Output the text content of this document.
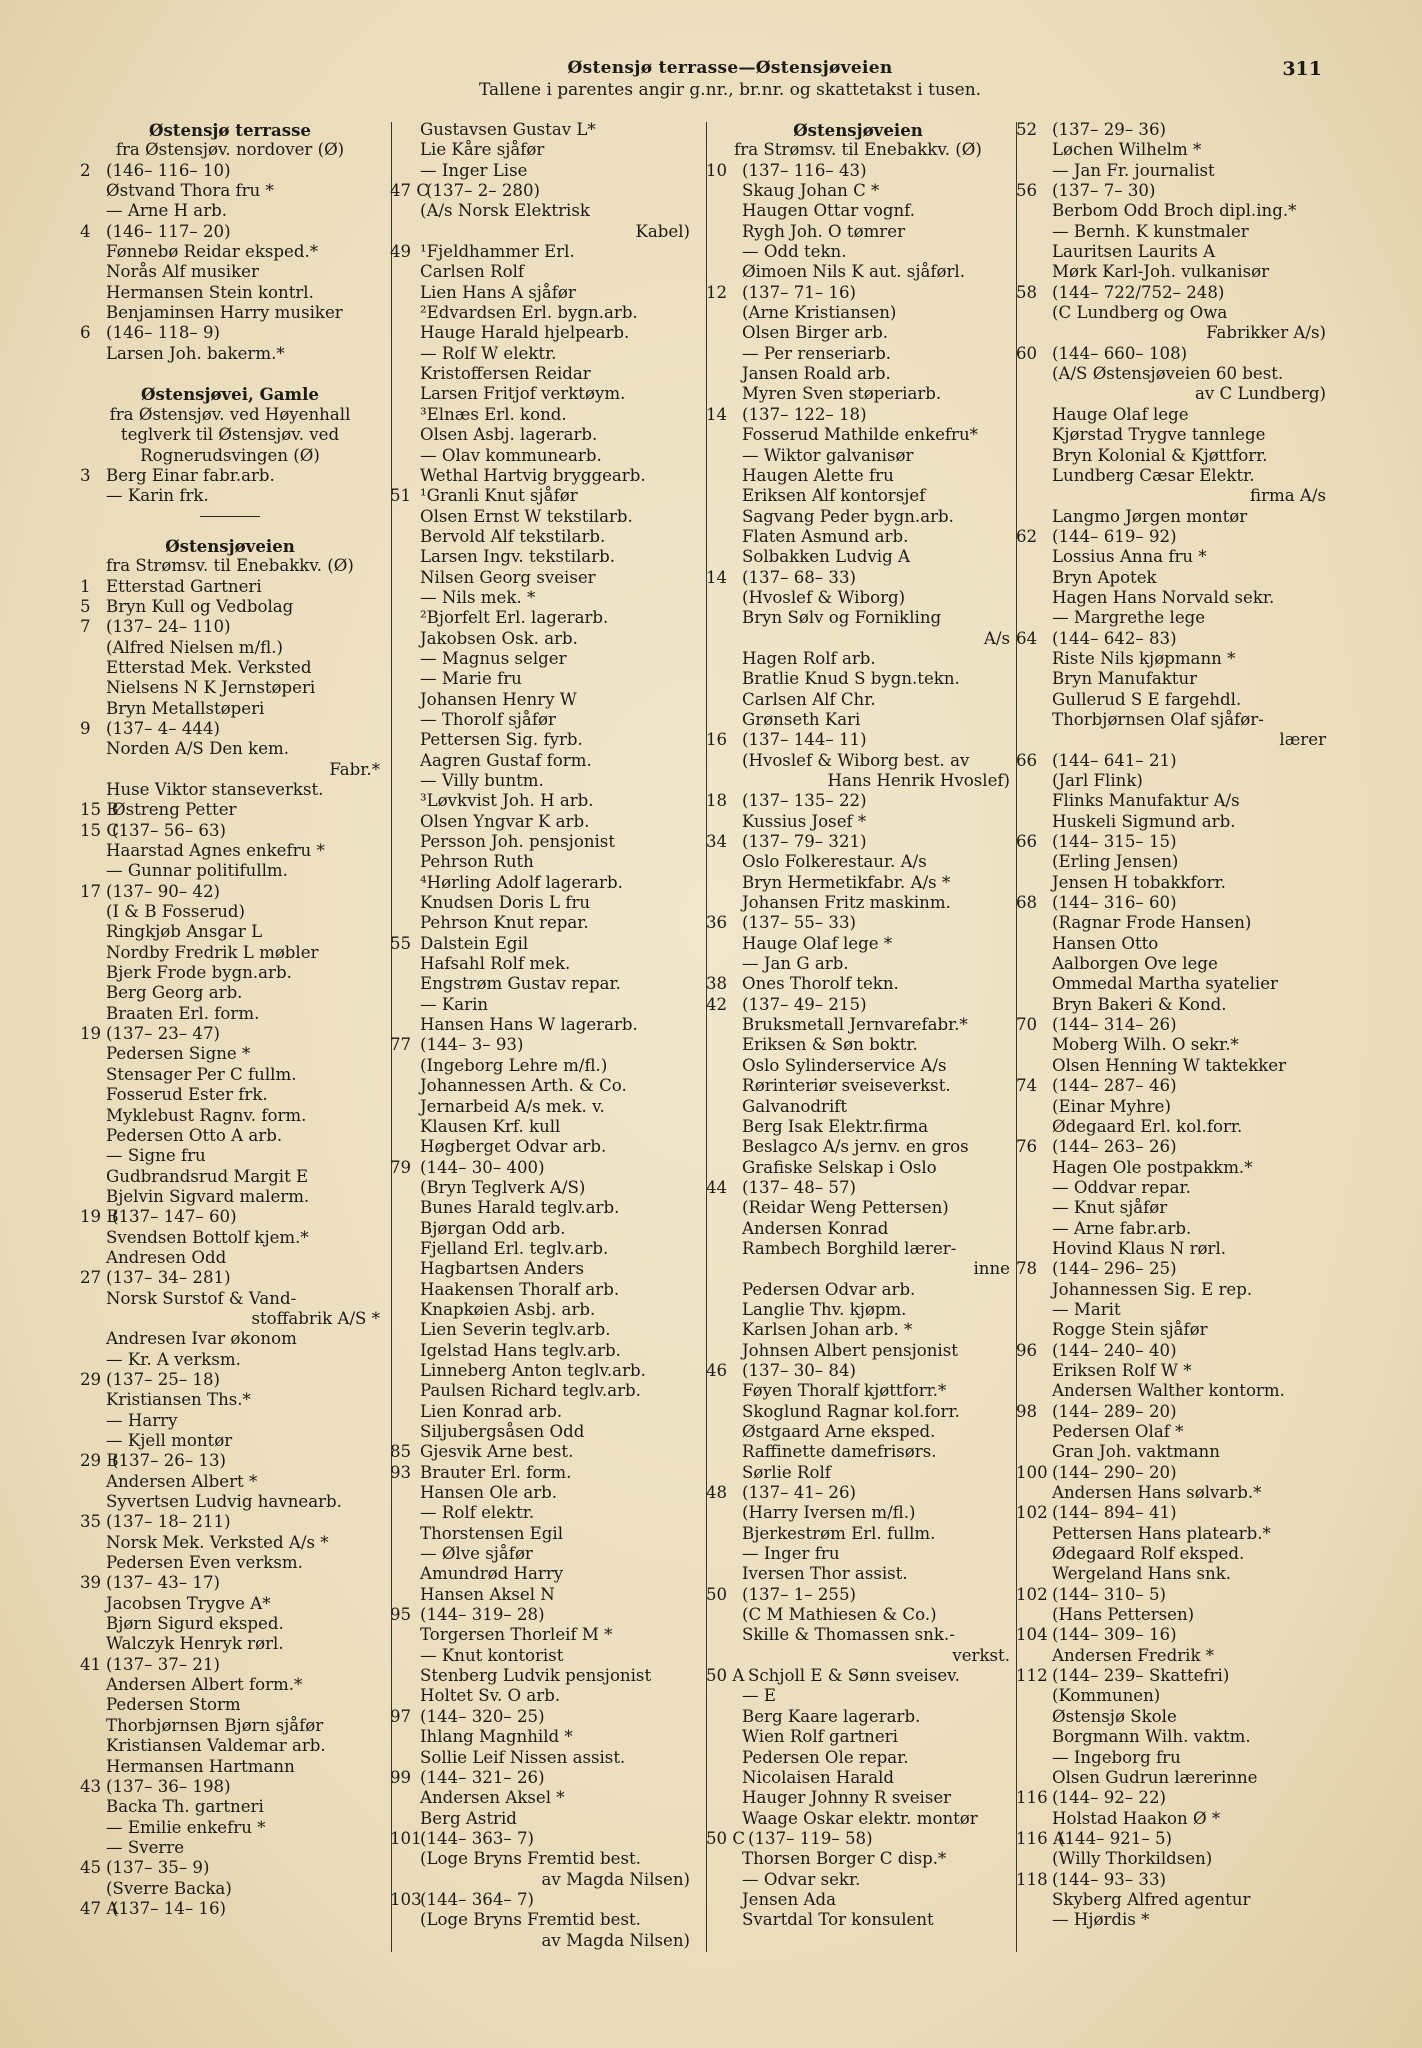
Østensjø terrasse—Østensjøveien
Tallene i parentes angir g.nr., br.nr. og skattetakst i tusen.
311
Østensjø terrasse
fra Østensjøv. nordover (Ø)
2 (146– 116– 10)
Østvand Thora fru *
— Arne H arb.
4 (146– 117– 20)
Fønnebø Reidar eksped.*
Norås Alf musiker
Hermansen Stein kontrl.
Benjaminsen Harry musiker
6 (146– 118– 9)
Larsen Joh. bakerm.*
Østensjøvei, Gamle
fra Østensjøv. ved Høyenhall
teglverk til Østensjøv. ved
Rognerudsvingen (Ø)
3 Berg Einar fabr.arb.
— Karin frk.
Østensjøveien
fra Strømsv. til Enebakkv. (Ø)
1 Etterstad Gartneri
5 Bryn Kull og Vedbolag
7 (137– 24– 110)
(Alfred Nielsen m/fl.)
Etterstad Mek. Verksted
Nielsens N K Jernstøperi
Bryn Metallstøperi
9 (137– 4– 444)
Norden A/S Den kem.
Fabr.*
Huse Viktor stanseverkst.
15 B
Østreng Petter
15 C
(137– 56– 63)
Haarstad Agnes enkefru *
— Gunnar politifullm.
17 (137– 90– 42)
(I & B Fosserud)
Ringkjøb Ansgar L
Nordby Fredrik L møbler
Bjerk Frode bygn.arb.
Berg Georg arb.
Braaten Erl. form.
19 (137– 23– 47)
Pedersen Signe *
Stensager Per C fullm.
Fosserud Ester frk.
Myklebust Ragnv. form.
Pedersen Otto A arb.
— Signe fru
Gudbrandsrud Margit E
Bjelvin Sigvard malerm.
19 B
(137– 147– 60)
Svendsen Bottolf kjem.*
Andresen Odd
27 (137– 34– 281)
Norsk Surstof & Vand-
stoffabrik A/S *
Andresen Ivar økonom
— Kr. A verksm.
29 (137– 25– 18)
Kristiansen Ths.*
— Harry
— Kjell montør
29 B
(137– 26– 13)
Andersen Albert *
Syvertsen Ludvig havnearb.
35 (137– 18– 211)
Norsk Mek. Verksted A/s *
Pedersen Even verksm.
39 (137– 43– 17)
Jacobsen Trygve A*
Bjørn Sigurd eksped.
Walczyk Henryk rørl.
41 (137– 37– 21)
Andersen Albert form.*
Pedersen Storm
Thorbjørnsen Bjørn sjåfør
Kristiansen Valdemar arb.
Hermansen Hartmann
43 (137– 36– 198)
Backa Th. gartneri
— Emilie enkefru *
— Sverre
45 (137– 35– 9)
(Sverre Backa)
47 A
(137– 14– 16)
Gustavsen Gustav L*
Lie Kåre sjåfør
— Inger Lise
47 C
(137– 2– 280)
(A/s Norsk Elektrisk
Kabel)
49 ¹Fjeldhammer Erl.
Carlsen Rolf
Lien Hans A sjåfør
²Edvardsen Erl. bygn.arb.
Hauge Harald hjelpearb.
— Rolf W elektr.
Kristoffersen Reidar
Larsen Fritjof verktøym.
³Elnæs Erl. kond.
Olsen Asbj. lagerarb.
— Olav kommunearb.
Wethal Hartvig bryggearb.
51 ¹Granli Knut sjåfør
Olsen Ernst W tekstilarb.
Bervold Alf tekstilarb.
Larsen Ingv. tekstilarb.
Nilsen Georg sveiser
— Nils mek. *
²Bjorfelt Erl. lagerarb.
Jakobsen Osk. arb.
— Magnus selger
— Marie fru
Johansen Henry W
— Thorolf sjåfør
Pettersen Sig. fyrb.
Aagren Gustaf form.
— Villy buntm.
³Løvkvist Joh. H arb.
Olsen Yngvar K arb.
Persson Joh. pensjonist
Pehrson Ruth
⁴Hørling Adolf lagerarb.
Knudsen Doris L fru
Pehrson Knut repar.
55 Dalstein Egil
Hafsahl Rolf mek.
Engstrøm Gustav repar.
— Karin
Hansen Hans W lagerarb.
77 (144– 3– 93)
(Ingeborg Lehre m/fl.)
Johannessen Arth. & Co.
Jernarbeid A/s mek. v.
Klausen Krf. kull
Høgberget Odvar arb.
79 (144– 30– 400)
(Bryn Teglverk A/S)
Bunes Harald teglv.arb.
Bjørgan Odd arb.
Fjelland Erl. teglv.arb.
Hagbartsen Anders
Haakensen Thoralf arb.
Knapkøien Asbj. arb.
Lien Severin teglv.arb.
Igelstad Hans teglv.arb.
Linneberg Anton teglv.arb.
Paulsen Richard teglv.arb.
Lien Konrad arb.
Siljubergsåsen Odd
85 Gjesvik Arne best.
93 Brauter Erl. form.
Hansen Ole arb.
— Rolf elektr.
Thorstensen Egil
— Ølve sjåfør
Amundrød Harry
Hansen Aksel N
95 (144– 319– 28)
Torgersen Thorleif M *
— Knut kontorist
Stenberg Ludvik pensjonist
Holtet Sv. O arb.
97 (144– 320– 25)
Ihlang Magnhild *
Sollie Leif Nissen assist.
99 (144– 321– 26)
Andersen Aksel *
Berg Astrid
101
(144– 363– 7)
(Loge Bryns Fremtid best.
av Magda Nilsen)
103
(144– 364– 7)
(Loge Bryns Fremtid best.
av Magda Nilsen)
Østensjøveien
fra Strømsv. til Enebakkv. (Ø)
10 (137– 116– 43)
Skaug Johan C *
Haugen Ottar vognf.
Rygh Joh. O tømrer
— Odd tekn.
Øimoen Nils K aut. sjåførl.
12 (137– 71– 16)
(Arne Kristiansen)
Olsen Birger arb.
— Per renseriarb.
Jansen Roald arb.
Myren Sven støperiarb.
14 (137– 122– 18)
Fosserud Mathilde enkefru*
— Wiktor galvanisør
Haugen Alette fru
Eriksen Alf kontorsjef
Sagvang Peder bygn.arb.
Flaten Asmund arb.
Solbakken Ludvig A
14 (137– 68– 33)
(Hvoslef & Wiborg)
Bryn Sølv og Fornikling
A/s
Hagen Rolf arb.
Bratlie Knud S bygn.tekn.
Carlsen Alf Chr.
Grønseth Kari
16 (137– 144– 11)
(Hvoslef & Wiborg best. av
Hans Henrik Hvoslef)
18 (137– 135– 22)
Kussius Josef *
34 (137– 79– 321)
Oslo Folkerestaur. A/s
Bryn Hermetikfabr. A/s *
Johansen Fritz maskinm.
36 (137– 55– 33)
Hauge Olaf lege *
— Jan G arb.
38 Ones Thorolf tekn.
42 (137– 49– 215)
Bruksmetall Jernvarefabr.*
Eriksen & Søn boktr.
Oslo Sylinderservice A/s
Rørinteriør sveiseverkst.
Galvanodrift
Berg Isak Elektr.firma
Beslagco A/s jernv. en gros
Grafiske Selskap i Oslo
44 (137– 48– 57)
(Reidar Weng Pettersen)
Andersen Konrad
Rambech Borghild lærer-
inne
Pedersen Odvar arb.
Langlie Thv. kjøpm.
Karlsen Johan arb. *
Johnsen Albert pensjonist
46 (137– 30– 84)
Føyen Thoralf kjøttforr.*
Skoglund Ragnar kol.forr.
Østgaard Arne eksped.
Raffinette damefrisørs.
Sørlie Rolf
48 (137– 41– 26)
(Harry Iversen m/fl.)
Bjerkestrøm Erl. fullm.
— Inger fru
Iversen Thor assist.
50 (137– 1– 255)
(C M Mathiesen & Co.)
Skille & Thomassen snk.-
verkst.
50 A Schjoll E & Sønn sveisev.
— E
Berg Kaare lagerarb.
Wien Rolf gartneri
Pedersen Ole repar.
Nicolaisen Harald
Hauger Johnny R sveiser
Waage Oskar elektr. montør
50 C (137– 119– 58)
Thorsen Borger C disp.*
— Odvar sekr.
Jensen Ada
Svartdal Tor konsulent
52 (137– 29– 36)
Løchen Wilhelm *
— Jan Fr. journalist
56 (137– 7– 30)
Berbom Odd Broch dipl.ing.*
— Bernh. K kunstmaler
Lauritsen Laurits A
Mørk Karl-Joh. vulkanisør
58 (144– 722/752– 248)
(C Lundberg og Owa
Fabrikker A/s)
60 (144– 660– 108)
(A/S Østensjøveien 60 best.
av C Lundberg)
Hauge Olaf lege
Kjørstad Trygve tannlege
Bryn Kolonial & Kjøttforr.
Lundberg Cæsar Elektr.
firma A/s
Langmo Jørgen montør
62 (144– 619– 92)
Lossius Anna fru *
Bryn Apotek
Hagen Hans Norvald sekr.
— Margrethe lege
64 (144– 642– 83)
Riste Nils kjøpmann *
Bryn Manufaktur
Gullerud S E fargehdl.
Thorbjørnsen Olaf sjåfør-
lærer
66 (144– 641– 21)
(Jarl Flink)
Flinks Manufaktur A/s
Huskeli Sigmund arb.
66 (144– 315– 15)
(Erling Jensen)
Jensen H tobakkforr.
68 (144– 316– 60)
(Ragnar Frode Hansen)
Hansen Otto
Aalborgen Ove lege
Ommedal Martha syatelier
Bryn Bakeri & Kond.
70 (144– 314– 26)
Moberg Wilh. O sekr.*
Olsen Henning W taktekker
74 (144– 287– 46)
(Einar Myhre)
Ødegaard Erl. kol.forr.
76 (144– 263– 26)
Hagen Ole postpakkm.*
— Oddvar repar.
— Knut sjåfør
— Arne fabr.arb.
Hovind Klaus N rørl.
78 (144– 296– 25)
Johannessen Sig. E rep.
— Marit
Rogge Stein sjåfør
96 (144– 240– 40)
Eriksen Rolf W *
Andersen Walther kontorm.
98 (144– 289– 20)
Pedersen Olaf *
Gran Joh. vaktmann
100 (144– 290– 20)
Andersen Hans sølvarb.*
102 (144– 894– 41)
Pettersen Hans platearb.*
Ødegaard Rolf eksped.
Wergeland Hans snk.
102 (144– 310– 5)
(Hans Pettersen)
104 (144– 309– 16)
Andersen Fredrik *
112 (144– 239– Skattefri)
(Kommunen)
Østensjø Skole
Borgmann Wilh. vaktm.
— Ingeborg fru
Olsen Gudrun lærerinne
116 (144– 92– 22)
Holstad Haakon Ø *
116 A
(144– 921– 5)
(Willy Thorkildsen)
118 (144– 93– 33)
Skyberg Alfred agentur
— Hjørdis *
